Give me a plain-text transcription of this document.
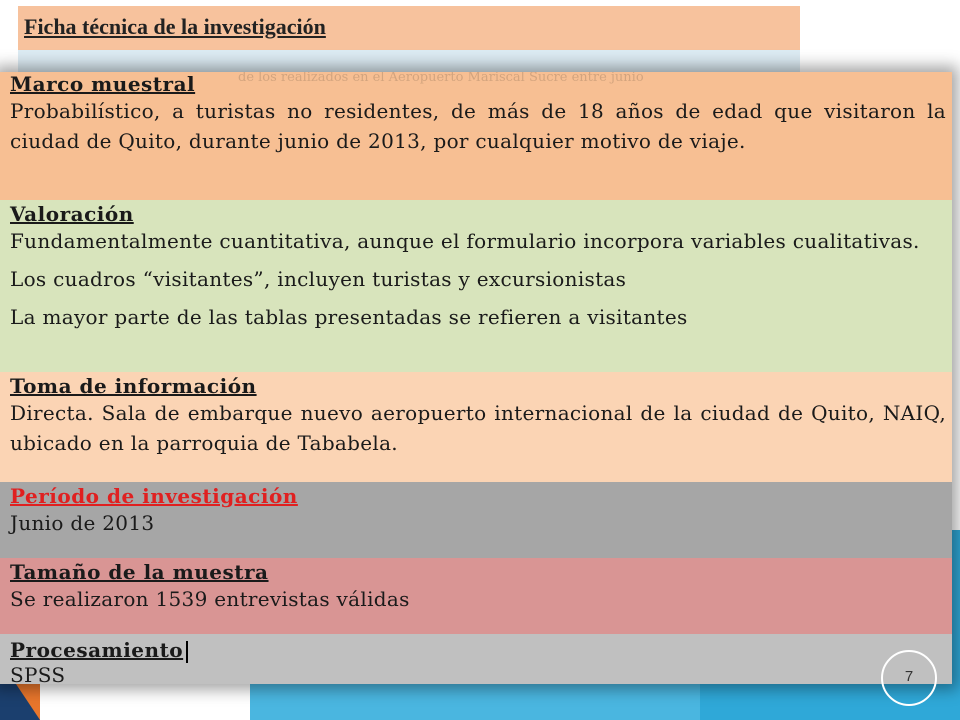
Ficha técnica de la investigación
Marco muestral	de los realizados en el Aeropuerto Mariscal Sucre entre junio
Probabilístico, a turistas no residentes, de más de 18 años de edad que visitaron la ciudad de Quito, durante junio de 2013, por cualquier motivo de viaje.
Valoración
Fundamentalmente cuantitativa, aunque el formulario incorpora variables cualitativas.
Los cuadros “visitantes”, incluyen turistas y excursionistas
La mayor parte de las tablas presentadas se refieren a visitantes
Toma de información
Directa. Sala de embarque nuevo aeropuerto internacional de la ciudad de Quito, NAIQ, ubicado en la parroquia de Tababela.
Período de investigación
Junio de 2013
Tamaño de la muestra
Se realizaron 1539 entrevistas válidas
Procesamiento
SPSS	7
